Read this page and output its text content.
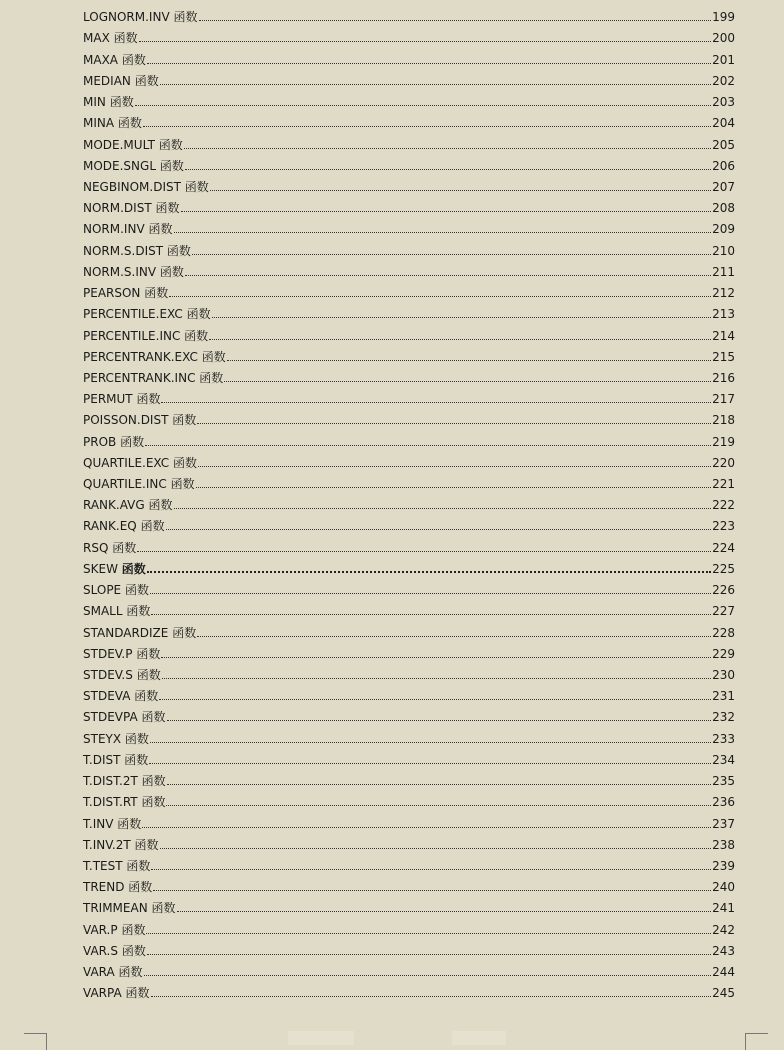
LOGNORM.INV 函数	199
MAX 函数	200
MAXA 函数	201
MEDIAN 函数	202
MIN 函数	203
MINA 函数	204
MODE.MULT 函数	205
MODE.SNGL 函数	206
NEGBINOM.DIST 函数	207
NORM.DIST 函数	208
NORM.INV 函数	209
NORM.S.DIST 函数	210
NORM.S.INV 函数	211
PEARSON 函数	212
PERCENTILE.EXC 函数	213
PERCENTILE.INC 函数	214
PERCENTRANK.EXC 函数	215
PERCENTRANK.INC 函数	216
PERMUT 函数	217
POISSON.DIST 函数	218
PROB 函数	219
QUARTILE.EXC 函数	220
QUARTILE.INC 函数	221
RANK.AVG 函数	222
RANK.EQ 函数	223
RSQ 函数	224
SKEW 函数	225
SLOPE 函数	226
SMALL 函数	227
STANDARDIZE 函数	228
STDEV.P 函数	229
STDEV.S 函数	230
STDEVA 函数	231
STDEVPA 函数	232
STEYX 函数	233
T.DIST 函数	234
T.DIST.2T 函数	235
T.DIST.RT 函数	236
T.INV 函数	237
T.INV.2T 函数	238
T.TEST 函数	239
TREND 函数	240
TRIMMEAN 函数	241
VAR.P 函数	242
VAR.S 函数	243
VARA 函数	244
VARPA 函数	245
